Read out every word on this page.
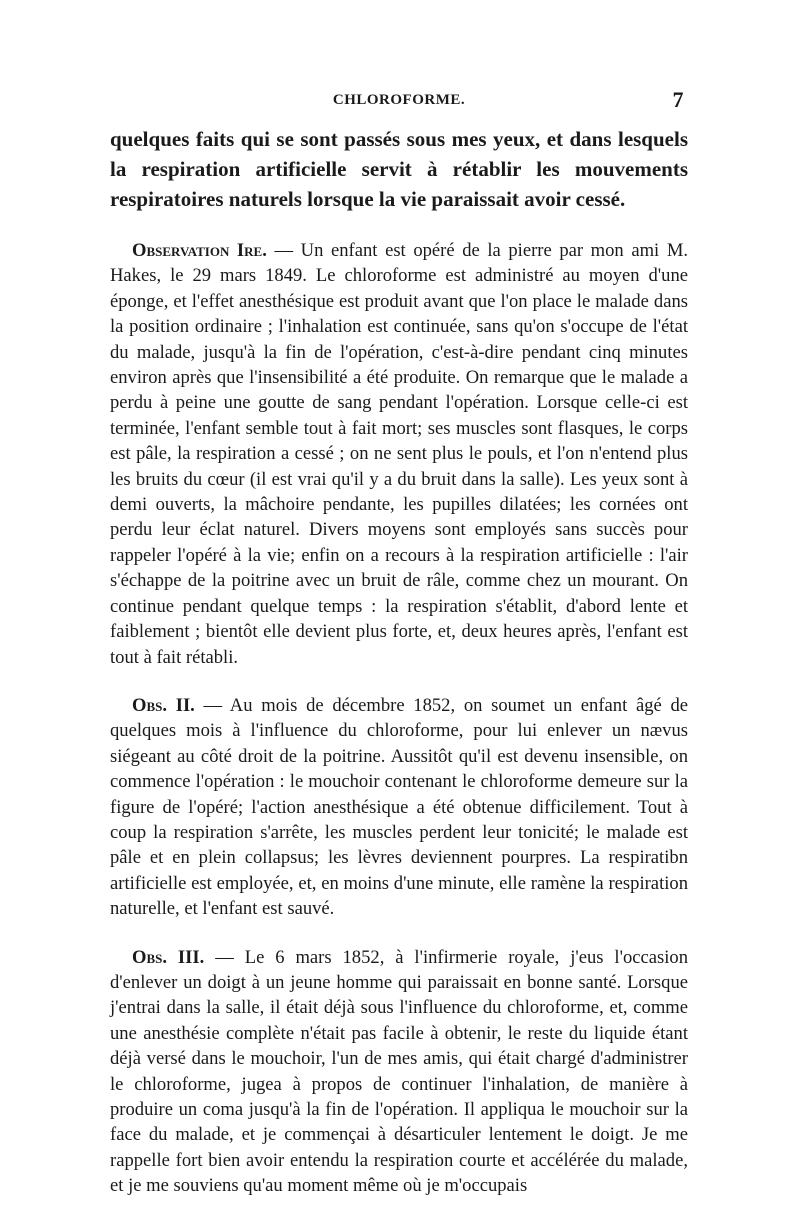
CHLOROFORME.	7

quelques faits qui se sont passés sous mes yeux, et dans lesquels la respiration artificielle servit à rétablir les mouvements respiratoires naturels lorsque la vie paraissait avoir cessé.

Observation Ire. — Un enfant est opéré de la pierre par mon ami M. Hakes, le 29 mars 1849. Le chloroforme est administré au moyen d'une éponge, et l'effet anesthésique est produit avant que l'on place le malade dans la position ordinaire ; l'inhalation est continuée, sans qu'on s'occupe de l'état du malade, jusqu'à la fin de l'opération, c'est-à-dire pendant cinq minutes environ après que l'insensibilité a été produite. On remarque que le malade a perdu à peine une goutte de sang pendant l'opération. Lorsque celle-ci est terminée, l'enfant semble tout à fait mort; ses muscles sont flasques, le corps est pâle, la respiration a cessé ; on ne sent plus le pouls, et l'on n'entend plus les bruits du cœur (il est vrai qu'il y a du bruit dans la salle). Les yeux sont à demi ouverts, la mâchoire pendante, les pupilles dilatées; les cornées ont perdu leur éclat naturel. Divers moyens sont employés sans succès pour rappeler l'opéré à la vie; enfin on a recours à la respiration artificielle : l'air s'échappe de la poitrine avec un bruit de râle, comme chez un mourant. On continue pendant quelque temps : la respiration s'établit, d'abord lente et faiblement ; bientôt elle devient plus forte, et, deux heures après, l'enfant est tout à fait rétabli.

Obs. II. — Au mois de décembre 1852, on soumet un enfant âgé de quelques mois à l'influence du chloroforme, pour lui enlever un nævus siégeant au côté droit de la poitrine. Aussitôt qu'il est devenu insensible, on commence l'opération : le mouchoir contenant le chloroforme demeure sur la figure de l'opéré; l'action anesthésique a été obtenue difficilement. Tout à coup la respiration s'arrête, les muscles perdent leur tonicité; le malade est pâle et en plein collapsus; les lèvres deviennent pourpres. La respiratibn artificielle est employée, et, en moins d'une minute, elle ramène la respiration naturelle, et l'enfant est sauvé.

Obs. III. — Le 6 mars 1852, à l'infirmerie royale, j'eus l'occasion d'enlever un doigt à un jeune homme qui paraissait en bonne santé. Lorsque j'entrai dans la salle, il était déjà sous l'influence du chloroforme, et, comme une anesthésie complète n'était pas facile à obtenir, le reste du liquide étant déjà versé dans le mouchoir, l'un de mes amis, qui était chargé d'administrer le chloroforme, jugea à propos de continuer l'inhalation, de manière à produire un coma jusqu'à la fin de l'opération. Il appliqua le mouchoir sur la face du malade, et je commençai à désarticuler lentement le doigt. Je me rappelle fort bien avoir entendu la respiration courte et accélérée du malade, et je me souviens qu'au moment même où je m'occupais
